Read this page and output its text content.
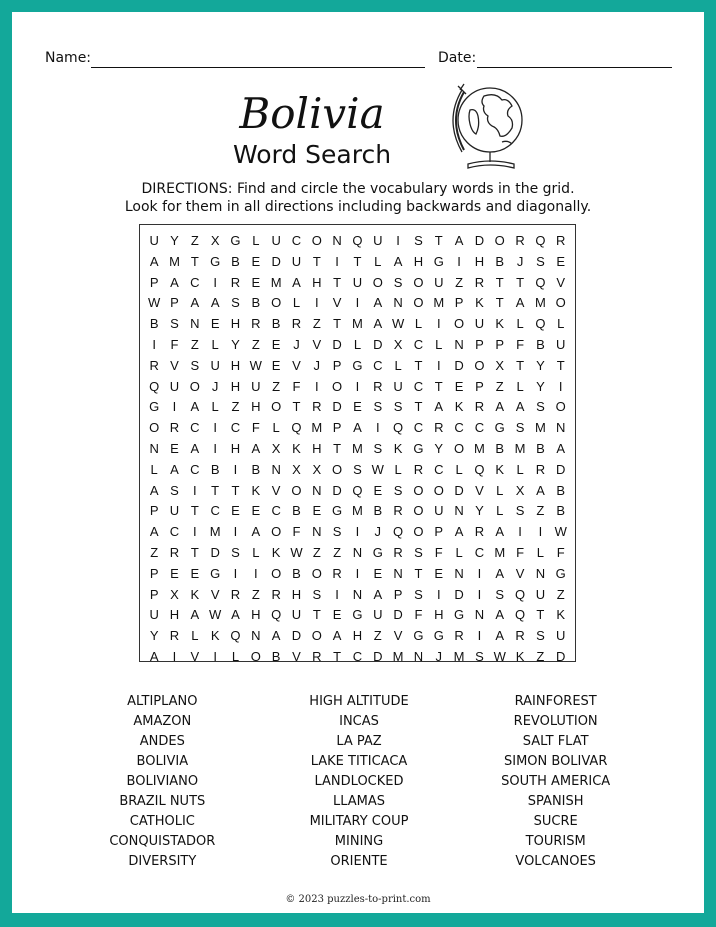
Name:	Date:
Bolivia
Word Search
DIRECTIONS: Find and circle the vocabulary words in the grid.
Look for them in all directions including backwards and diagonally.
U Y Z X G L U C O N Q U	I	S T A D O R Q R
A M T G B E D U T	I	T L A H G	I	H B J S E
P A C	I	R E M A H T U O S O U Z R T T Q V
W P A A S B O L	I	V	I	A N O M P K T A M O
B S N E H R B R Z T M A W L	I	O U K L Q L
I	F Z L Y Z E J V D L D X C L N P P F B U
R V S U H W E V J P G C L T	I	D O X T Y T
Q U O J H U Z F	I	O	I	R U C T E P Z L Y	I
G	I	A L Z H O T R D E S S T A K R A A S O
O R C	I	C F L Q M P A	I	Q C R C C G S M N
N E A	I	H A X K H T M S K G Y O M B M B A
L A C B	I	B N X X O S W L R C L Q K L R D
A S	I	T T K V O N D Q E S O O D V L X A B
P U T C E E C B E G M B R O U N Y L S Z B
A C	I	M	I	A O F N S	I	J Q O P A R A	I	I W
Z R T D S L K W Z Z N G R S F L C M F L F
P E E G	I	I	O B O R	I	E N T E N	I	A V N G
P X K V R Z R H S	I	N A P S	I	D	I	S Q U Z
U H A W A H Q U T E G U D F H G N A Q T K
Y R L K Q N A D O A H Z V G G R	I	A R S U
A	I	V	I	L O B V R T C D M N J M S W K Z D
ALTIPLANO
AMAZON
ANDES
BOLIVIA
BOLIVIANO
BRAZIL NUTS
CATHOLIC
CONQUISTADOR
DIVERSITY
HIGH ALTITUDE
INCAS
LA PAZ
LAKE TITICACA
LANDLOCKED
LLAMAS
MILITARY COUP
MINING
ORIENTE
RAINFOREST
REVOLUTION
SALT FLAT
SIMON BOLIVAR
SOUTH AMERICA
SPANISH
SUCRE
TOURISM
VOLCANOES
© 2023 puzzles-to-print.com
